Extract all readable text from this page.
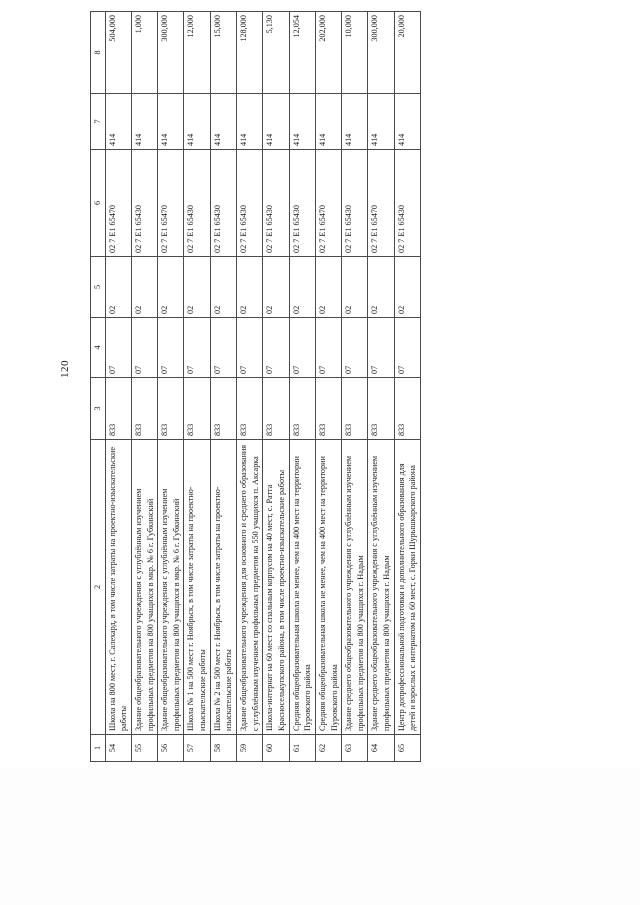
120
1	2	3	4	5	6	7	8
54	Школа на 800 мест, г. Салехард, в том числе затраты на проектно-изыскательские работы	833	07	02	02 7 E1 65470	414	504,000
55	Здание общеобразовательного учреждения с углублённым изучением профильных предметов на 800 учащихся в мкр. № 6 г. Губкинский	833	07	02	02 7 E1 65430	414	1,000
56	Здание общеобразовательного учреждения с углублённым изучением профильных предметов на 800 учащихся в мкр. № 6 г. Губкинский	833	07	02	02 7 E1 65470	414	300,000
57	Школа № 1 на 500 мест г. Ноябрьск, в том числе затраты на проектно-изыскательские работы	833	07	02	02 7 E1 65430	414	12,000
58	Школа № 2 на 500 мест г. Ноябрьск, в том числе затраты на проектно-изыскательские работы	833	07	02	02 7 E1 65430	414	15,000
59	Здание общеобразовательного учреждения для основного и среднего образования с углублённым изучением профильных предметов на 550 учащихся п. Аксарка	833	07	02	02 7 E1 65430	414	128,000
60	Школа-интернат на 60 мест со спальным корпусом на 40 мест, с. Ратта Красноселькупского района, в том числе проектно-изыскательские работы	833	07	02	02 7 E1 65430	414	5,130
61	Средняя общеобразовательная школа не менее, чем на 400 мест на территории Пуровского района	833	07	02	02 7 E1 65430	414	12,054
62	Средняя общеобразовательная школа не менее, чем на 400 мест на территории Пуровского района	833	07	02	02 7 E1 65470	414	202,000
63	Здание среднего общеобразовательного учреждения с углублённым изучением профильных предметов на 800 учащихся г. Надым	833	07	02	02 7 E1 65430	414	10,000
64	Здание среднего общеобразовательного учреждения с углублённым изучением профильных предметов на 800 учащихся г. Надым	833	07	02	02 7 E1 65470	414	300,000
65	Центр допрофессиональной подготовки и дополнительного образования для детей и взрослых с интернатом на 60 мест, с. Горки Шурышкарского района	833	07	02	02 7 E1 65430	414	20,000
